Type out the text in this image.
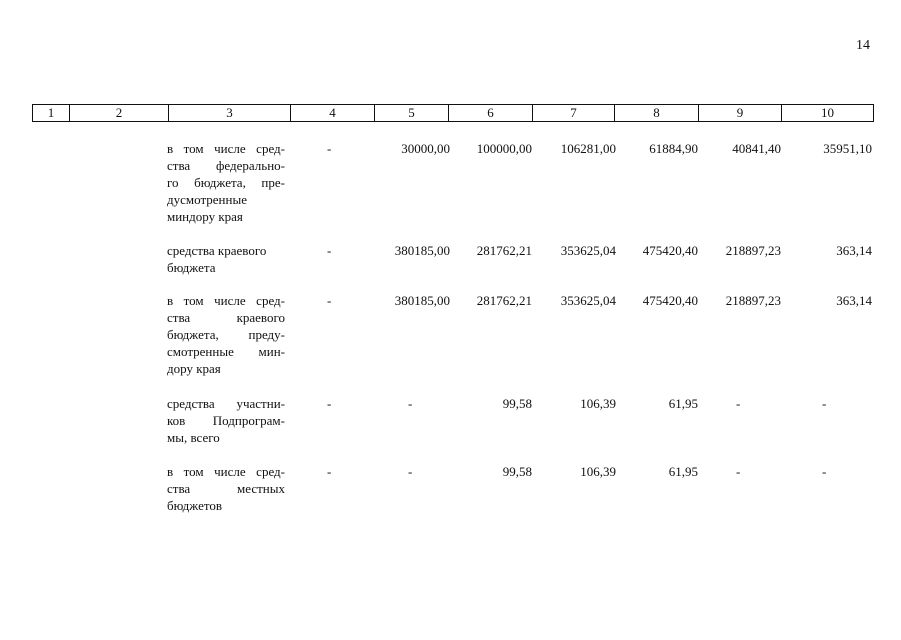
14
1	2	3	4	5	6	7	8	9	10
в том числе сред-
ства федерально-
го бюджета, пре-
дусмотренные
миндору края
-	30000,00 100000,00 106281,00	61884,90	40841,40	35951,10
средства краевого
бюджета
-	380185,00 281762,21 353625,04 475420,40 218897,23	363,14
в том числе сред-
ства краевого
бюджета, преду-
смотренные мин-
дору края
-	380185,00 281762,21 353625,04 475420,40 218897,23	363,14
средства участни-
ков Подпрограм-
мы, всего
-	-	99,58	106,39	61,95	-	-
в том числе сред-
ства местных
бюджетов
-	-	99,58	106,39	61,95	-	-
